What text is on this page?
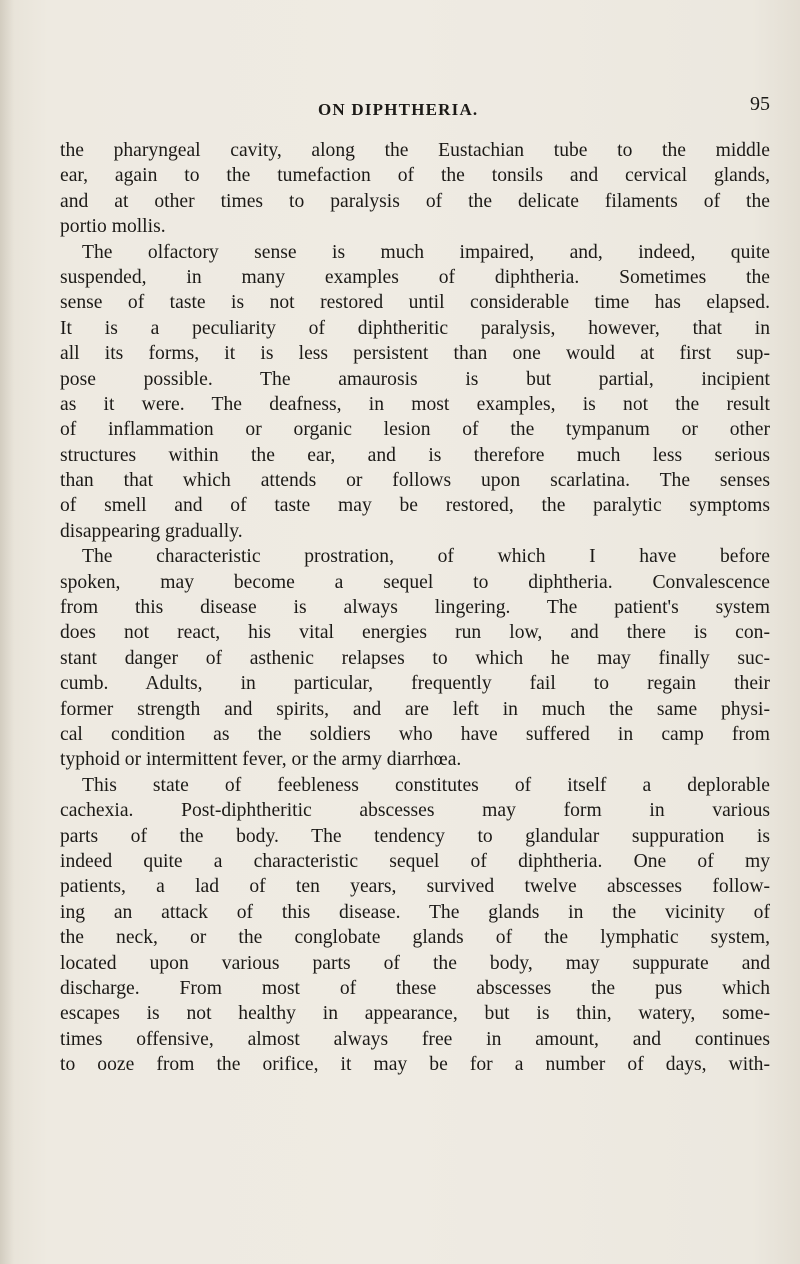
ON DIPHTHERIA.	95
the pharyngeal cavity, along the Eustachian tube to the middle
ear, again to the tumefaction of the tonsils and cervical glands,
and at other times to paralysis of the delicate filaments of the
portio mollis.
The olfactory sense is much impaired, and, indeed, quite
suspended, in many examples of diphtheria. Sometimes the
sense of taste is not restored until considerable time has elapsed.
It is a peculiarity of diphtheritic paralysis, however, that in
all its forms, it is less persistent than one would at first sup-
pose possible. The amaurosis is but partial, incipient
as it were. The deafness, in most examples, is not the result
of inflammation or organic lesion of the tympanum or other
structures within the ear, and is therefore much less serious
than that which attends or follows upon scarlatina. The senses
of smell and of taste may be restored, the paralytic symptoms
disappearing gradually.
The characteristic prostration, of which I have before
spoken, may become a sequel to diphtheria. Convalescence
from this disease is always lingering. The patient's system
does not react, his vital energies run low, and there is con-
stant danger of asthenic relapses to which he may finally suc-
cumb. Adults, in particular, frequently fail to regain their
former strength and spirits, and are left in much the same physi-
cal condition as the soldiers who have suffered in camp from
typhoid or intermittent fever, or the army diarrhœa.
This state of feebleness constitutes of itself a deplorable
cachexia. Post-diphtheritic abscesses may form in various
parts of the body. The tendency to glandular suppuration is
indeed quite a characteristic sequel of diphtheria. One of my
patients, a lad of ten years, survived twelve abscesses follow-
ing an attack of this disease. The glands in the vicinity of
the neck, or the conglobate glands of the lymphatic system,
located upon various parts of the body, may suppurate and
discharge. From most of these abscesses the pus which
escapes is not healthy in appearance, but is thin, watery, some-
times offensive, almost always free in amount, and continues
to ooze from the orifice, it may be for a number of days, with-
